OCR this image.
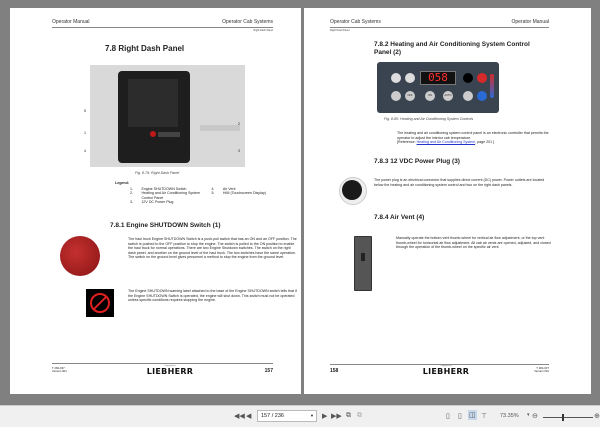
Operator Manual	Operator Cab Systems
Right Dash Panel
7.8 Right Dash Panel
5
1
4
2
3
Fig. 8-79: Right Dash Panel
Legend:
1.	Engine SHUTDOWN Switch	4.	Air Vent
2.	Heating and Air Conditioning System Control Panel	5.	HMI (Touchscreen Display)
3.	12V DC Power Plug		
7.8.1 Engine SHUTDOWN Switch (1)
The haul truck Engine SHUTDOWN Switch is a push-pull switch that has an ON and an OFF position. The switch is pushed to the OFF position to stop the engine. The switch is pulled to the ON position to enable the haul truck for normal operations. There are two Engine Shutdown switches. The switch on the right dash panel, and another on the ground level of the haul truck. The two switches have the same operation. The switch on the ground level gives personnel a method to stop the engine from the ground level.
The Engine SHUTDOWN warning label attached to the base of the Engine SHUTDOWN switch tells that if the Engine SHUTDOWN Switch is operated, the engine will shut down. This switch must not be operated unless specific conditions requires stopping the engine.
T 284-037
Version 001
Copyright by
LIEBHERR	157
Operator Cab Systems	Operator Manual
Right Dash Panel
7.8.2 Heating and Air Conditioning System Control Panel (2)
058
OFF	ON	AUTO
Fig. 8-80: Heating and Air Conditioning System Controls
The heating and air conditioning system control panel is an electronic controller that permits the operator to adjust the interior cab temperature.
[Reference: Heating and Air Conditioning System, page 201 ]
7.8.3 12 VDC Power Plug (3)
The power plug is an electrical connector that supplies direct current (DC) power. Power outlets are located below the heating and air conditioning system control and two on the right dash panels.
7.8.4 Air Vent (4)
Manually operate the bottom vent thumb-wheel for vertical air flow adjustment, or the top vent thumb-wheel for horizontal air flow adjustment. All cab air vents are opened, adjusted, and closed through the operation of the thumb-wheel on the specific air vent.
158
Copyright by
LIEBHERR	T 284-037
Version 001
◀◀ ◀	157 / 236	▼ ▶ ▶▶ ⧉ ⧉	▯ ▯ ◫ ⊤ 73.35% ▾ ⊖	⊕
